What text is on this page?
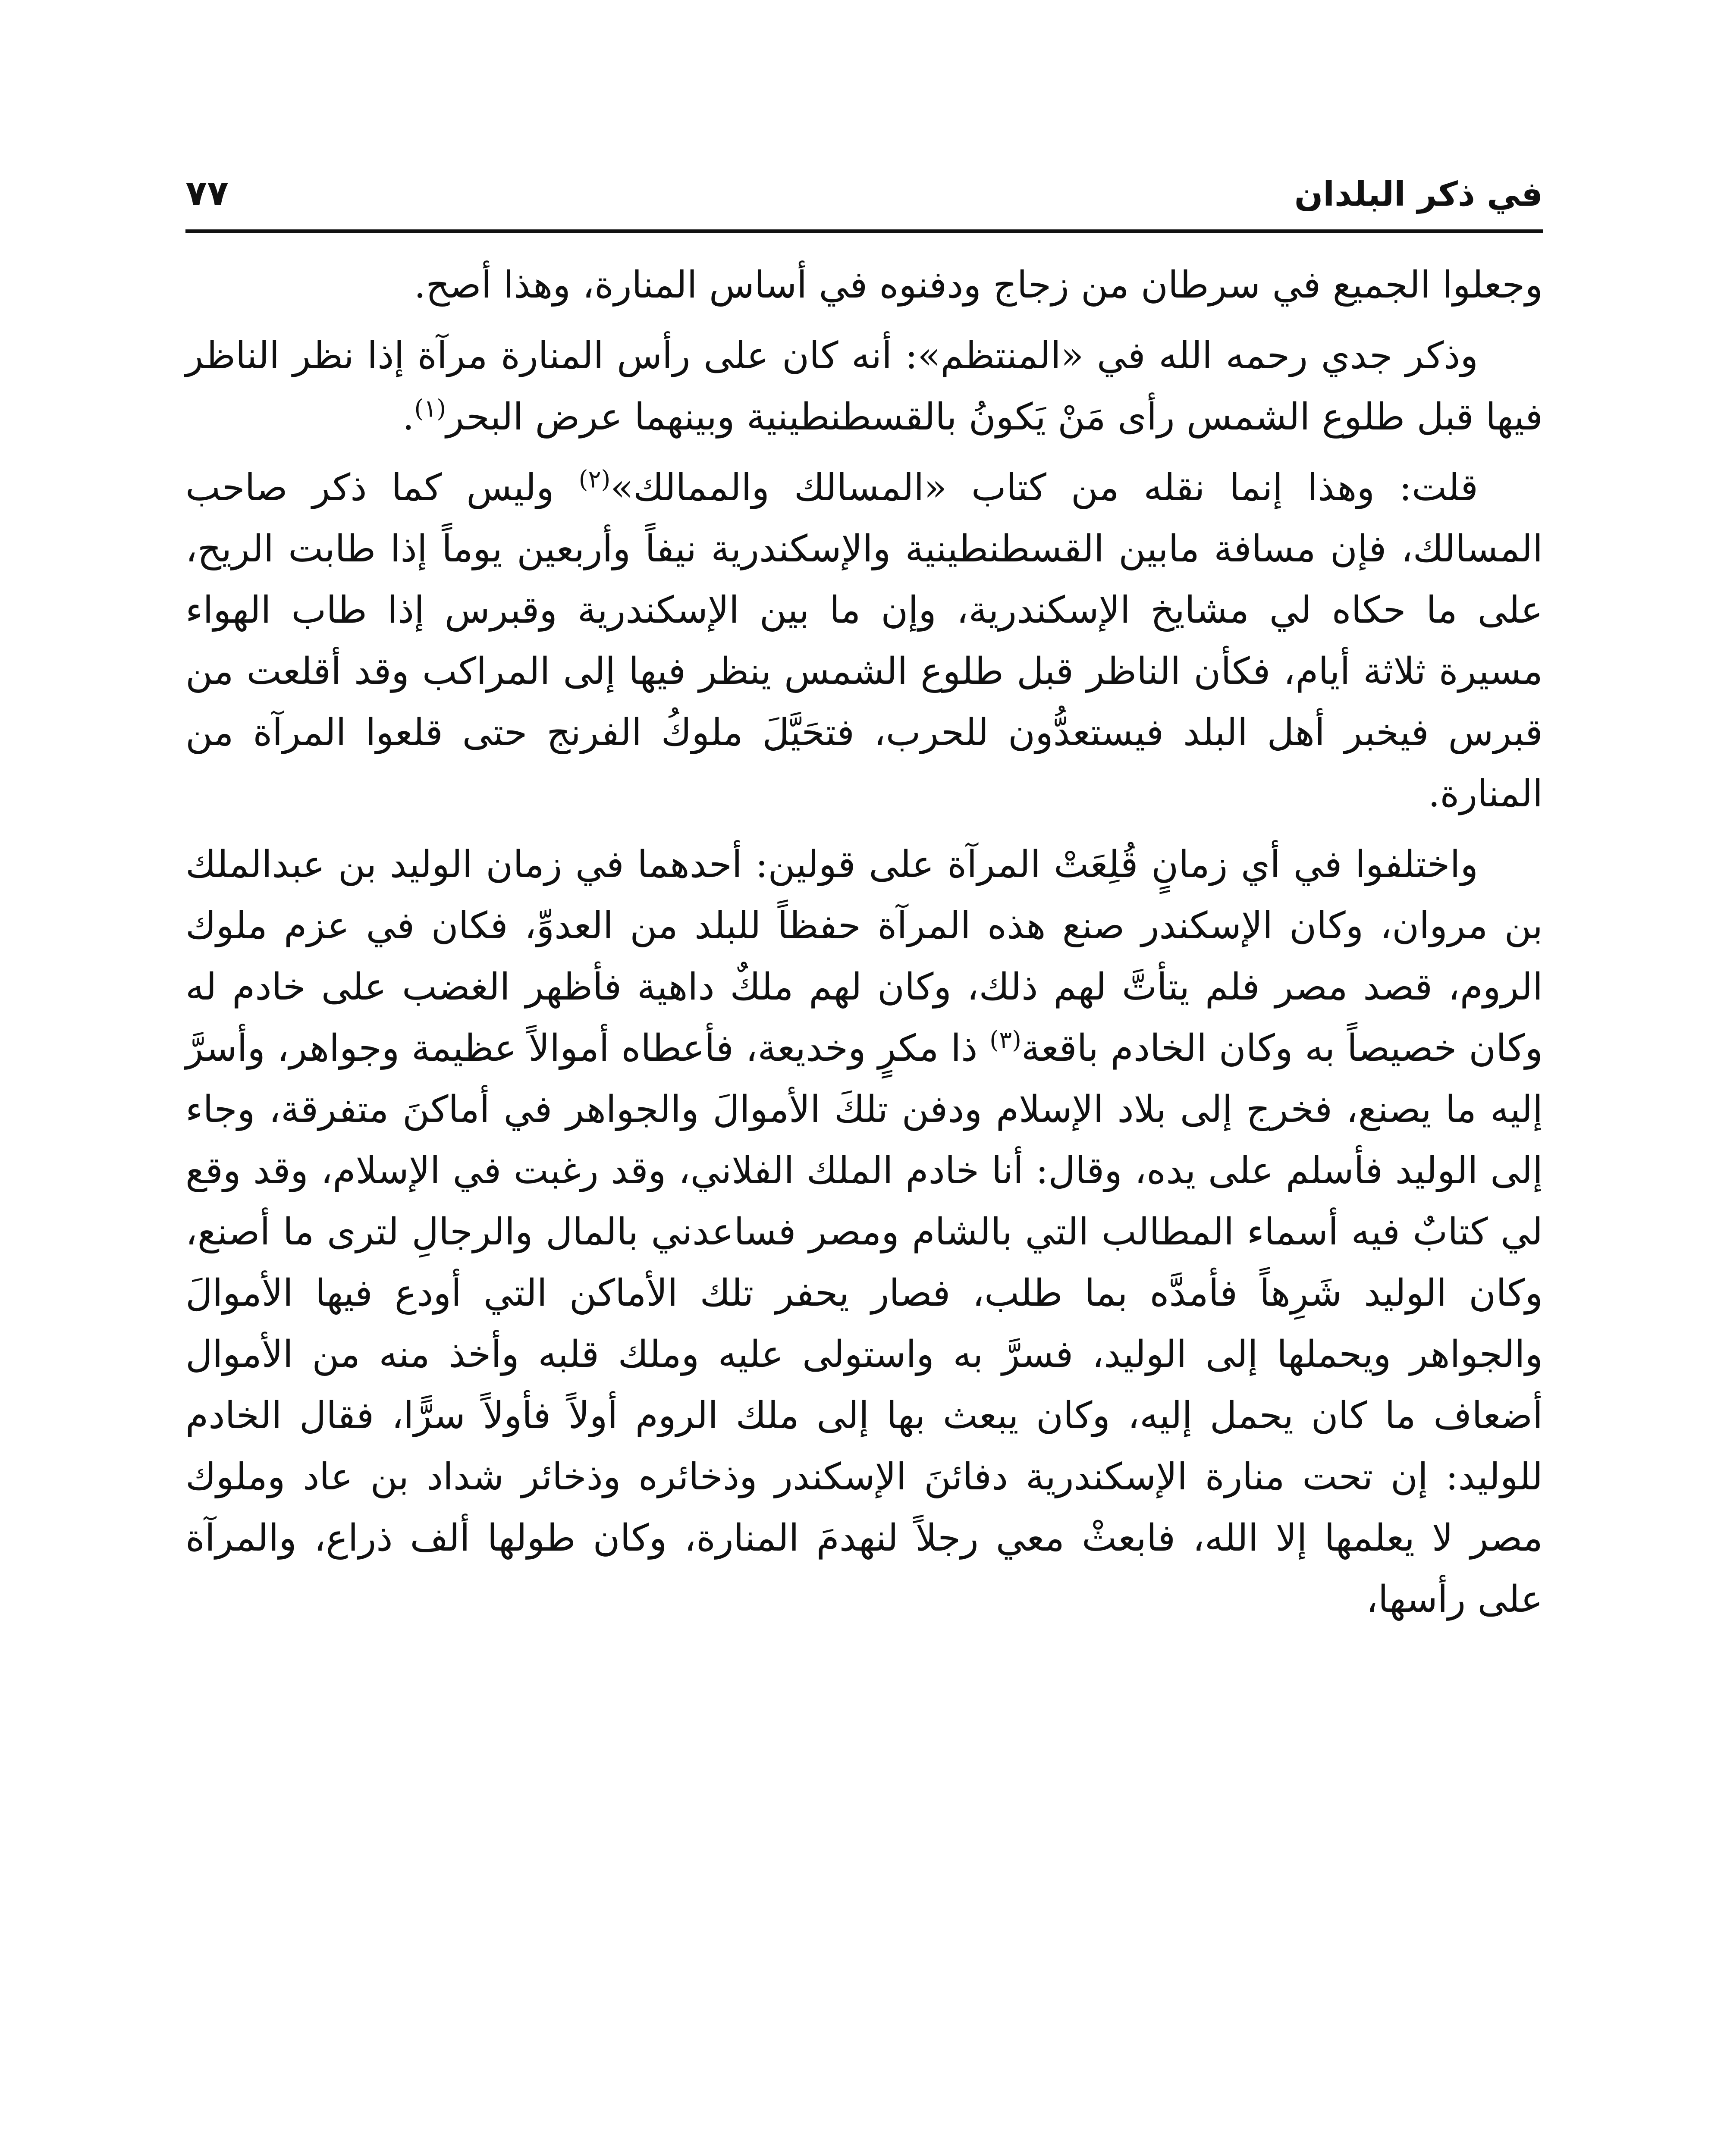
في ذكر البلدان
٧٧

وجعلوا الجميع في سرطان من زجاج ودفنوه في أساس المنارة، وهذا أصح.

وذكر جدي رحمه الله في «المنتظم»: أنه كان على رأس المنارة مرآة إذا نظر الناظر فيها قبل طلوع الشمس رأى مَنْ يَكونُ بالقسطنطينية وبينهما عرض البحر$^{(١)}$.

قلت: وهذا إنما نقله من كتاب «المسالك والممالك»$^{(٢)}$ وليس كما ذكر صاحب المسالك، فإن مسافة مابين القسطنطينية والإسكندرية نيفاً وأربعين يوماً إذا طابت الريح، على ما حكاه لي مشايخ الإسكندرية، وإن ما بين الإسكندرية وقبرس إذا طاب الهواء مسيرة ثلاثة أيام، فكأن الناظر قبل طلوع الشمس ينظر فيها إلى المراكب وقد أقلعت من قبرس فيخبر أهل البلد فيستعدُّون للحرب، فتحَيَّلَ ملوكُ الفرنج حتى قلعوا المرآة من المنارة.

واختلفوا في أي زمانٍ قُلِعَتْ المرآة على قولين: أحدهما في زمان الوليد بن عبدالملك بن مروان، وكان الإسكندر صنع هذه المرآة حفظاً للبلد من العدوِّ، فكان في عزم ملوك الروم، قصد مصر فلم يتأتَّ لهم ذلك، وكان لهم ملكٌ داهية فأظهر الغضب على خادم له وكان خصيصاً به وكان الخادم باقعة$^{(٣)}$ ذا مكرٍ وخديعة، فأعطاه أموالاً عظيمة وجواهر، وأسرَّ إليه ما يصنع، فخرج إلى بلاد الإسلام ودفن تلكَ الأموالَ والجواهر في أماكنَ متفرقة، وجاء إلى الوليد فأسلم على يده، وقال: أنا خادم الملك الفلاني، وقد رغبت في الإسلام، وقد وقع لي كتابٌ فيه أسماء المطالب التي بالشام ومصر فساعدني بالمال والرجالِ لترى ما أصنع، وكان الوليد شَرِهاً فأمدَّه بما طلب، فصار يحفر تلك الأماكن التي أودع فيها الأموالَ والجواهر ويحملها إلى الوليد، فسرَّ به واستولى عليه وملك قلبه وأخذ منه من الأموال أضعاف ما كان يحمل إليه، وكان يبعث بها إلى ملك الروم أولاً فأولاً سرًّا، فقال الخادم للوليد: إن تحت منارة الإسكندرية دفائنَ الإسكندر وذخائره وذخائر شداد بن عاد وملوك مصر لا يعلمها إلا الله، فابعثْ معي رجلاً لنهدمَ المنارة، وكان طولها ألف ذراع، والمرآة على رأسها،
